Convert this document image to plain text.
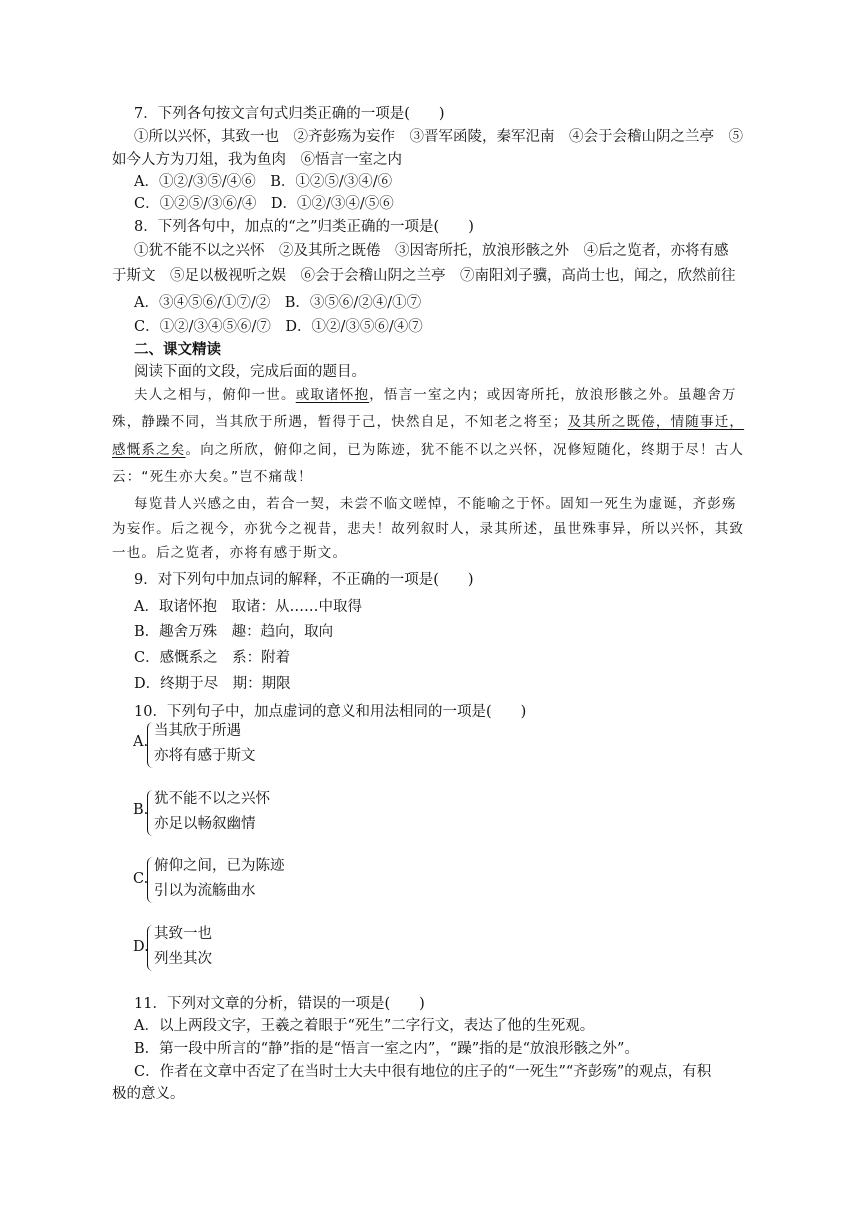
7．下列各句按文言句式归类正确的一项是(　　)
①所以兴怀，其致一也　②齐彭殇为妄作　③晋军函陵，秦军氾南　④会于会稽山阴之兰亭　⑤
如今人方为刀俎，我为鱼肉　⑥悟言一室之内
A．①②/③⑤/④⑥　B．①②⑤/③④/⑥
C．①②⑤/③⑥/④　D．①②/③④/⑤⑥
8．下列各句中，加点的“之”归类正确的一项是(　　)
①犹不能不以之兴怀　②及其所之既倦　③因寄所托，放浪形骸之外　④后之览者，亦将有感
于斯文　⑤足以极视听之娱　⑥会于会稽山阴之兰亭　⑦南阳刘子骥，高尚士也，闻之，欣然前往
A．③④⑤⑥/①⑦/②　B．③⑤⑥/②④/①⑦
C．①②/③④⑤⑥/⑦　D．①②/③⑤⑥/④⑦
二、课文精读
阅读下面的文段，完成后面的题目。
夫人之相与，俯仰一世。或取诸怀抱，悟言一室之内；或因寄所托，放浪形骸之外。虽趣舍万
殊，静躁不同，当其欣于所遇，暂得于己，快然自足，不知老之将至；及其所之既倦，情随事迁，
感慨系之矣。向之所欣，俯仰之间，已为陈迹，犹不能不以之兴怀，况修短随化，终期于尽！古人
云：“死生亦大矣。”岂不痛哉！
每览昔人兴感之由，若合一契，未尝不临文嗟悼，不能喻之于怀。固知一死生为虚诞，齐彭殇
为妄作。后之视今，亦犹今之视昔，悲夫！故列叙时人，录其所述，虽世殊事异，所以兴怀，其致
一也。后之览者，亦将有感于斯文。
9．对下列句中加点词的解释，不正确的一项是(　　)
A．取诸怀抱　取诸：从……中取得
B．趣舍万殊　趣：趋向，取向
C．感慨系之　系：附着
D．终期于尽　期：期限
10．下列句子中，加点虚词的意义和用法相同的一项是(　　)
A.
当其欣于所遇
亦将有感于斯文
B.
犹不能不以之兴怀
亦足以畅叙幽情
C.
俯仰之间，已为陈迹
引以为流觞曲水
D.
其致一也
列坐其次
11．下列对文章的分析，错误的一项是(　　)
A．以上两段文字，王羲之着眼于“死生”二字行文，表达了他的生死观。
B．第一段中所言的“静”指的是“悟言一室之内”，“躁”指的是“放浪形骸之外”。
C．作者在文章中否定了在当时士大夫中很有地位的庄子的“一死生”“齐彭殇”的观点，有积
极的意义。
